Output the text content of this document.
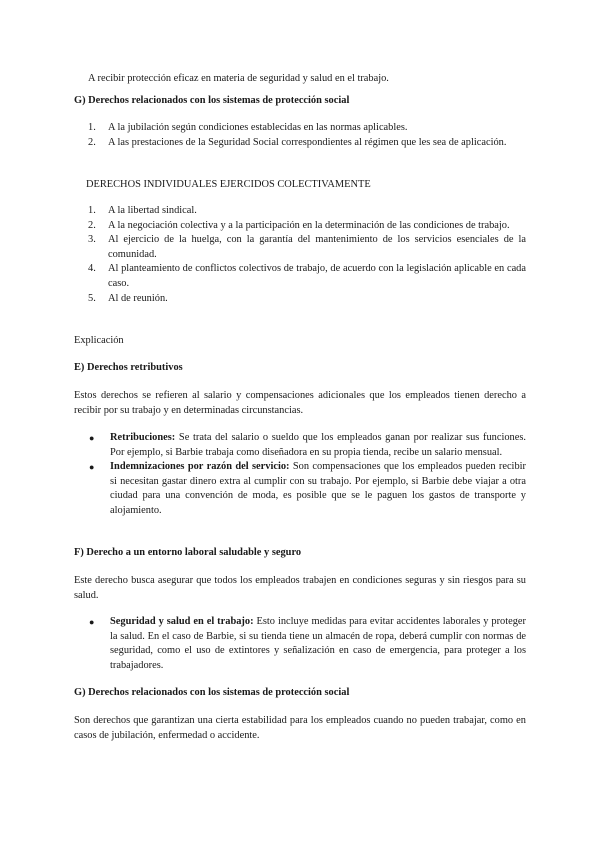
A recibir protección eficaz en materia de seguridad y salud en el trabajo.

G) Derechos relacionados con los sistemas de protección social

1. A la jubilación según condiciones establecidas en las normas aplicables.
2. A las prestaciones de la Seguridad Social correspondientes al régimen que les sea de aplicación.

DERECHOS INDIVIDUALES EJERCIDOS COLECTIVAMENTE

1. A la libertad sindical.
2. A la negociación colectiva y a la participación en la determinación de las condiciones de trabajo.
3. Al ejercicio de la huelga, con la garantía del mantenimiento de los servicios esenciales de la comunidad.
4. Al planteamiento de conflictos colectivos de trabajo, de acuerdo con la legislación aplicable en cada caso.
5. Al de reunión.

Explicación

E) Derechos retributivos

Estos derechos se refieren al salario y compensaciones adicionales que los empleados tienen derecho a recibir por su trabajo y en determinadas circunstancias.

● Retribuciones: Se trata del salario o sueldo que los empleados ganan por realizar sus funciones. Por ejemplo, si Barbie trabaja como diseñadora en su propia tienda, recibe un salario mensual.
● Indemnizaciones por razón del servicio: Son compensaciones que los empleados pueden recibir si necesitan gastar dinero extra al cumplir con su trabajo. Por ejemplo, si Barbie debe viajar a otra ciudad para una convención de moda, es posible que se le paguen los gastos de transporte y alojamiento.

F) Derecho a un entorno laboral saludable y seguro

Este derecho busca asegurar que todos los empleados trabajen en condiciones seguras y sin riesgos para su salud.

● Seguridad y salud en el trabajo: Esto incluye medidas para evitar accidentes laborales y proteger la salud. En el caso de Barbie, si su tienda tiene un almacén de ropa, deberá cumplir con normas de seguridad, como el uso de extintores y señalización en caso de emergencia, para proteger a los trabajadores.

G) Derechos relacionados con los sistemas de protección social

Son derechos que garantizan una cierta estabilidad para los empleados cuando no pueden trabajar, como en casos de jubilación, enfermedad o accidente.
